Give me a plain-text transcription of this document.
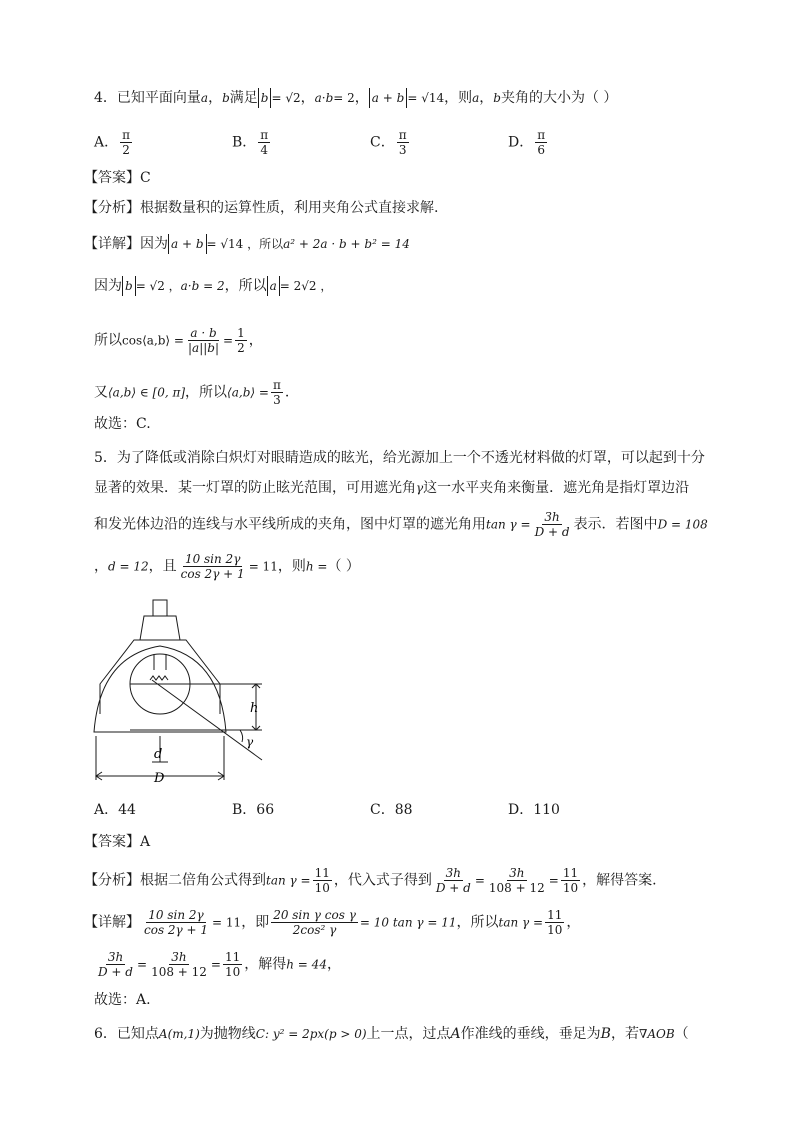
4．已知平面向量a，b满足 b = √2，a·b= 2， a + b = √14，则a，b夹角的大小为（ ）
A． $\frac{\pi}{2}$	B． $\frac{\pi}{4}$	C． $\frac{\pi}{3}$	D． $\frac{\pi}{6}$
【答案】C
【分析】根据数量积的运算性质，利用夹角公式直接求解.
【详解】因为 a + b = √14 ，所以a² + 2a · b + b² = 14
因为 b = √2 ，a·b = 2，所以 a = 2√2 ，
所以cos⟨a,b⟩ = $\frac{a \cdot b}{|a||b|} = \frac{1}{2}$ ，
又⟨a,b⟩ ∈ [0, π]，所以⟨a,b⟩ = $\frac{\pi}{3}$ .
故选：C.
5．为了降低或消除白炽灯对眼睛造成的眩光，给光源加上一个不透光材料做的灯罩，可以起到十分
显著的效果．某一灯罩的防止眩光范围，可用遮光角γ这一水平夹角来衡量．遮光角是指灯罩边沿
和发光体边沿的连线与水平线所成的夹角，图中灯罩的遮光角用$\tan \gamma = \frac{3h}{D + d}$ 表示．若图中D = 108
，d = 12，且 $\frac{10 \sin 2\gamma}{\cos 2\gamma + 1} = 11$，则h =（ ）
h
d
D
γ
A．44	B．66	C．88	D．110
【答案】A
【分析】根据二倍角公式得到$\tan \gamma = \frac{11}{10}$ ，代入式子得到 $\frac{3h}{D + d} = \frac{3h}{108 + 12} = \frac{11}{10}$ ，解得答案.
【详解】 $\frac{10 \sin 2\gamma}{\cos 2\gamma + 1} = 11$，即 $\frac{\text{20 sin γ cos γ}}{\text{2cos² γ}} = 10$ tan γ = 11，所以$\tan \gamma = \frac{11}{10}$ ，
$\frac{3h}{D + d} = \frac{3h}{108 + 12} = \frac{11}{10}$ ，解得h = 44，
故选：A.
6．已知点A(m,1)为抛物线C: y² = 2px(p > 0)上一点，过点A作准线的垂线，垂足为B，若∇AOB（
